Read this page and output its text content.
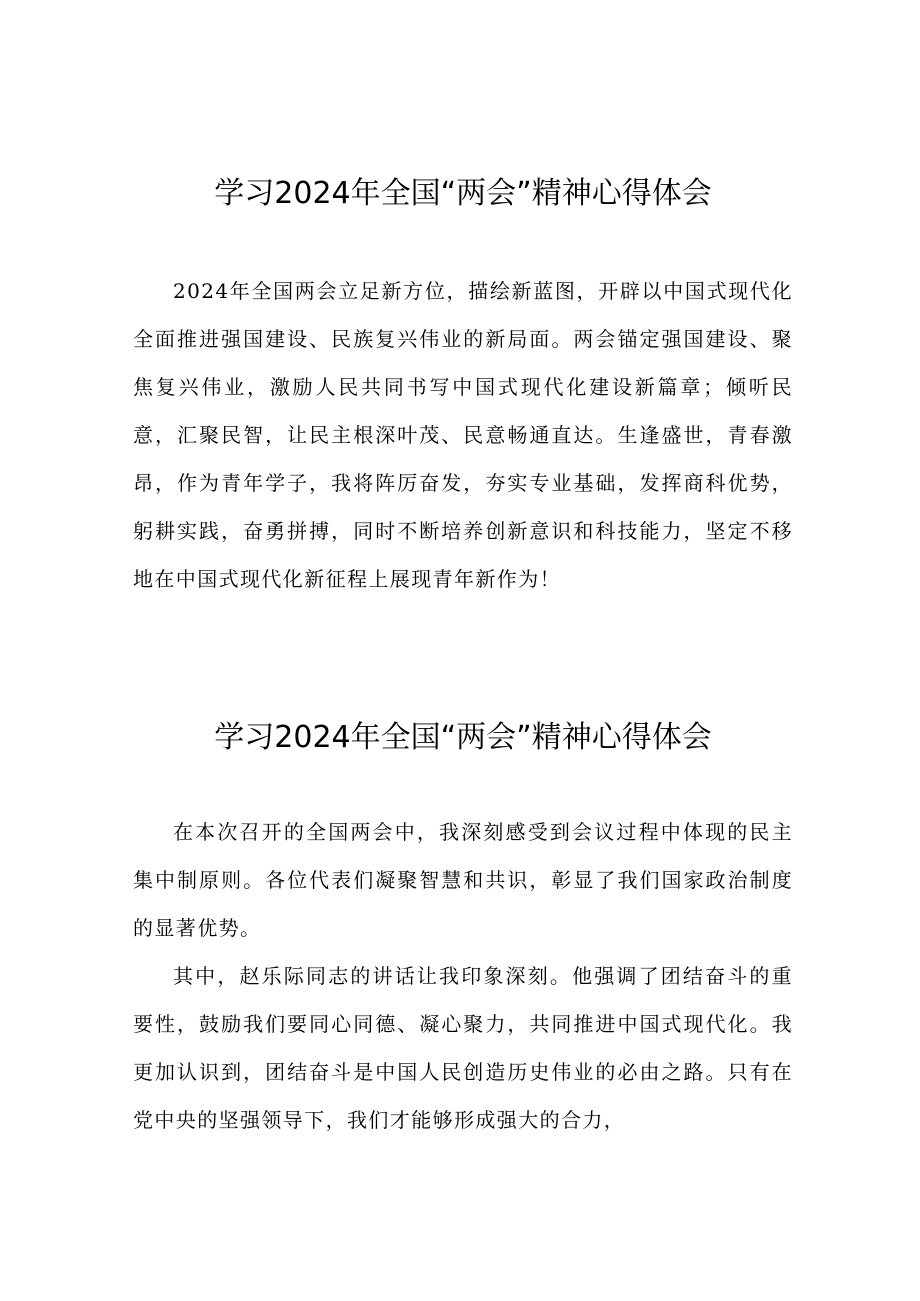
学习2024年全国“两会”精神心得体会

2024年全国两会立足新方位，描绘新蓝图，开辟以中国式现代化全面推进强国建设、民族复兴伟业的新局面。两会锚定强国建设、聚焦复兴伟业，激励人民共同书写中国式现代化建设新篇章；倾听民意，汇聚民智，让民主根深叶茂、民意畅通直达。生逢盛世，青春激昂，作为青年学子，我将阵厉奋发，夯实专业基础，发挥商科优势，躬耕实践，奋勇拼搏，同时不断培养创新意识和科技能力，坚定不移地在中国式现代化新征程上展现青年新作为！

学习2024年全国“两会”精神心得体会

在本次召开的全国两会中，我深刻感受到会议过程中体现的民主集中制原则。各位代表们凝聚智慧和共识，彰显了我们国家政治制度的显著优势。

其中，赵乐际同志的讲话让我印象深刻。他强调了团结奋斗的重要性，鼓励我们要同心同德、凝心聚力，共同推进中国式现代化。我更加认识到，团结奋斗是中国人民创造历史伟业的必由之路。只有在党中央的坚强领导下，我们才能够形成强大的合力，
